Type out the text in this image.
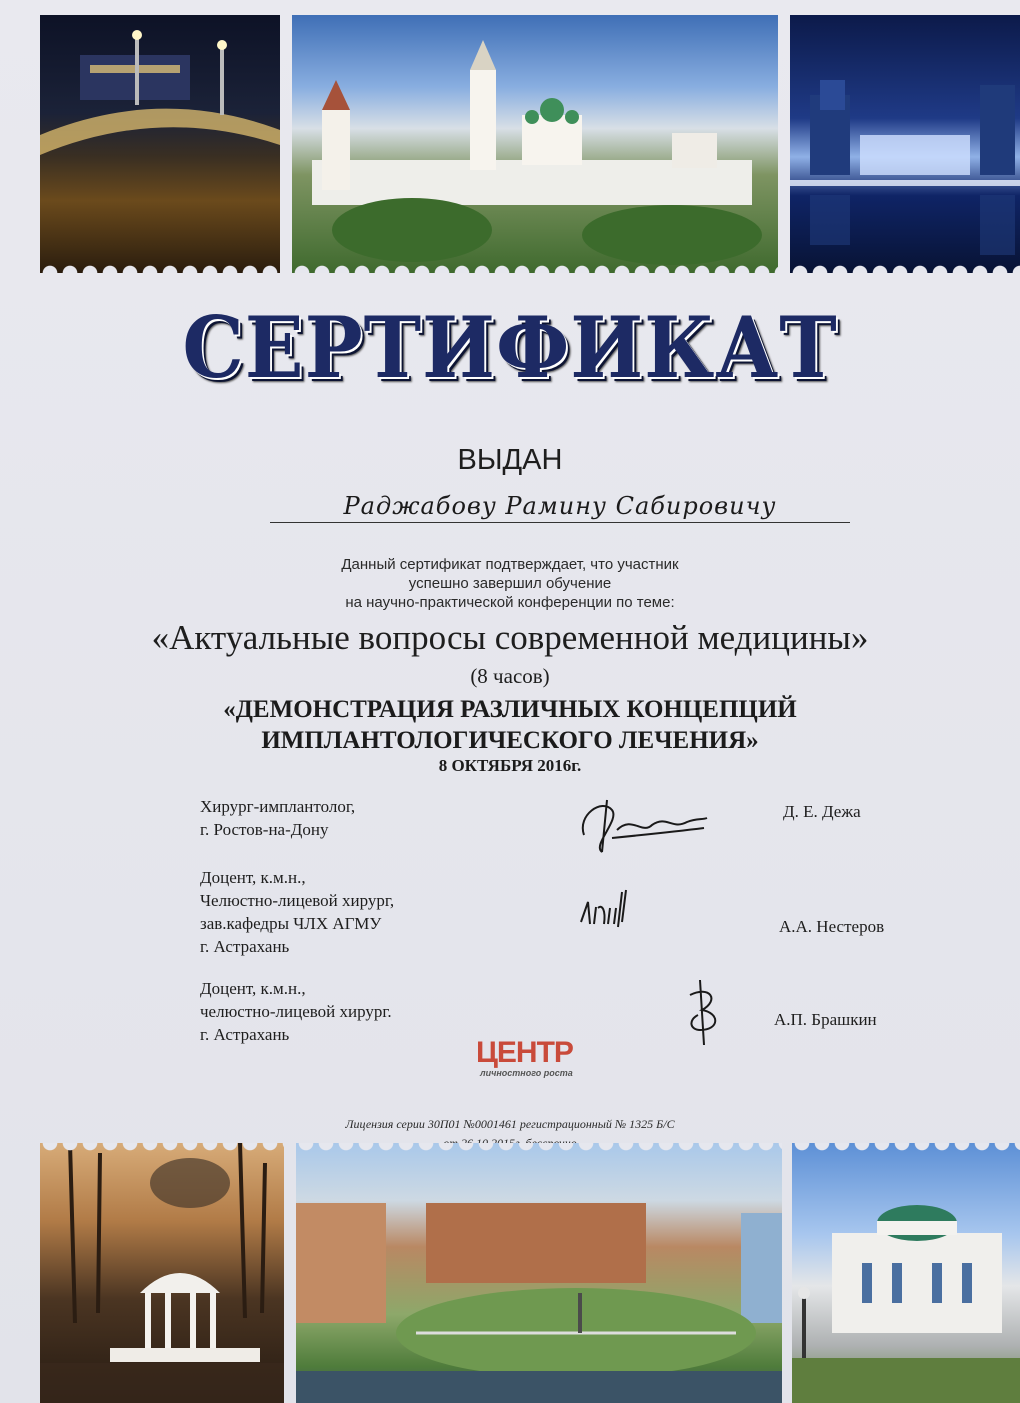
СЕРТИФИКАТ
ВЫДАН
Раджабову Рамину Сабировичу
Данный сертификат подтверждает, что участник
успешно завершил обучение
на научно-практической конференции по теме:
«Актуальные вопросы современной медицины»
(8 часов)
«ДЕМОНСТРАЦИЯ РАЗЛИЧНЫХ КОНЦЕПЦИЙ
ИМПЛАНТОЛОГИЧЕСКОГО ЛЕЧЕНИЯ»
8 ОКТЯБРЯ 2016г.
Хирург-имплантолог,
г. Ростов-на-Дону
Д. Е. Дежа
Доцент, к.м.н.,
Челюстно-лицевой хирург,
зав.кафедры ЧЛХ АГМУ
г. Астрахань
А.А. Нестеров
Доцент, к.м.н.,
челюстно-лицевой хирург.
г. Астрахань
А.П. Брашкин
ЦЕНТР
личностного роста
Лицензия серии 30П01 №0001461 регистрационный № 1325 Б/С
